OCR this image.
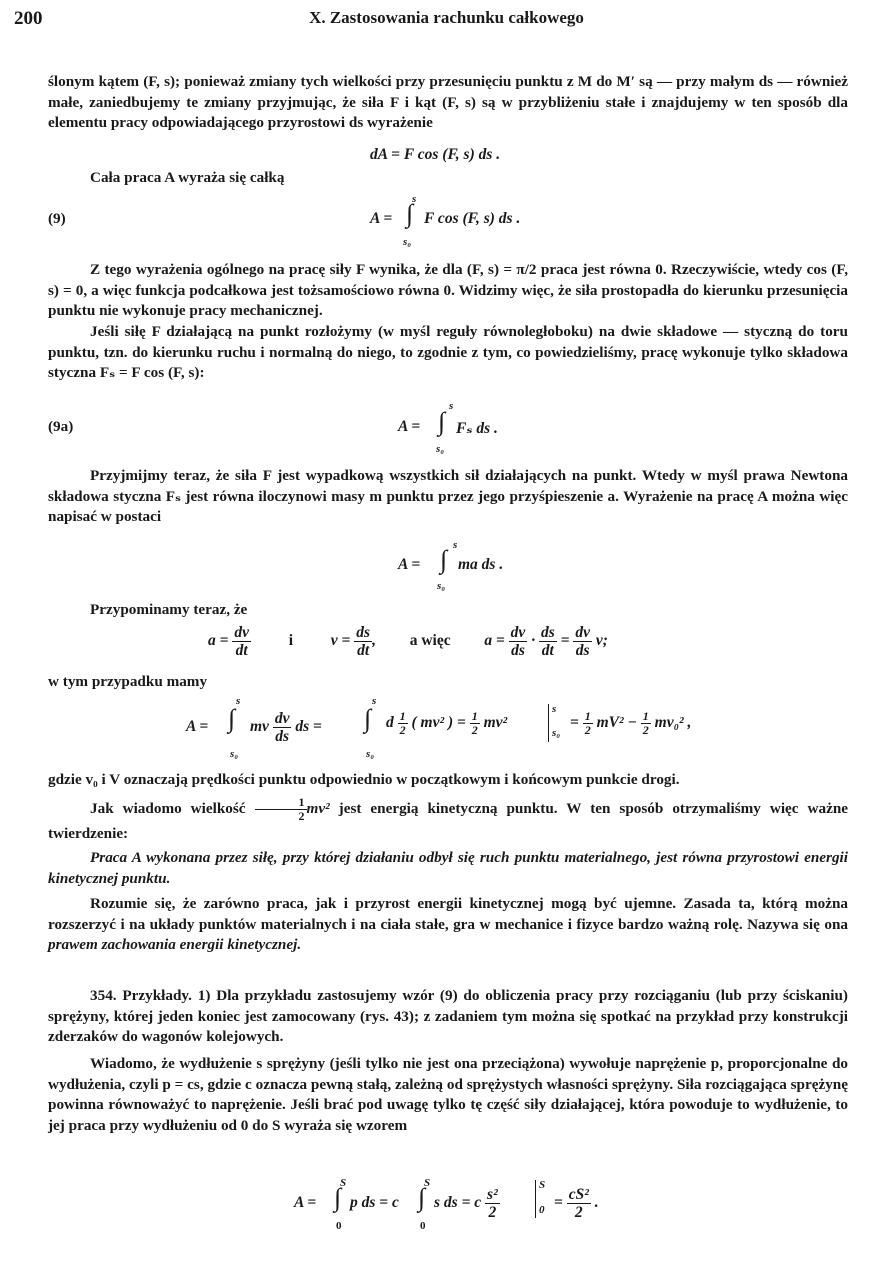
200	X. Zastosowania rachunku całkowego

ślonym kątem (F, s); ponieważ zmiany tych wielkości przy przesunięciu punktu z M do M′ są — przy małym ds — również małe, zaniedbujemy te zmiany przyjmując, że siła F i kąt (F, s) są w przybliżeniu stałe i znajdujemy w ten sposób dla elementu pracy odpowiadającego przyrostowi ds wyrażenie

dA = F cos (F, s) ds .

Cała praca A wyraża się całką

(9)
s
A = ∫ F cos (F, s) ds .
s₀

Z tego wyrażenia ogólnego na pracę siły F wynika, że dla (F, s) = π/2 praca jest równa 0. Rzeczywiście, wtedy cos (F, s) = 0, a więc funkcja podcałkowa jest tożsamościowo równa 0. Widzimy więc, że siła prostopadła do kierunku przesunięcia punktu nie wykonuje pracy mechanicznej.

Jeśli siłę F działającą na punkt rozłożymy (w myśl reguły równoległoboku) na dwie składowe — styczną do toru punktu, tzn. do kierunku ruchu i normalną do niego, to zgodnie z tym, co powiedzieliśmy, pracę wykonuje tylko składowa styczna Fₛ = F cos (F, s):

(9a)
s
A = ∫ Fₛ ds .
s₀

Przyjmijmy teraz, że siła F jest wypadkową wszystkich sił działających na punkt. Wtedy w myśl prawa Newtona składowa styczna Fₛ jest równa iloczynowi masy m punktu przez jego przyśpieszenie a. Wyrażenie na pracę A można więc napisać w postaci

s
A = ∫ ma ds .
s₀

Przypominamy teraz, że

$a = \frac{dv}{dt}$ i $v = \frac{ds}{dt}$ , a więc $a = \frac{dv}{ds} \cdot \frac{ds}{dt} = \frac{dv}{ds} v$;

w tym przypadku mamy

s	s
A = ∫ mv $\frac{dv}{ds}$ ds = ∫ d $\frac{1}{2}$ ( mv² ) = $\frac{1}{2} mv^2$
s
s₀
= $\frac{1}{2} mV^2 - \frac{1}{2} mv_0^2$ ,
s₀	s₀

gdzie v₀ i V oznaczają prędkości punktu odpowiednio w początkowym i końcowym punkcie drogi.

Jak wiadomo wielkość $\frac{1}{2} mv^2$ jest energią kinetyczną punktu. W ten sposób otrzymaliśmy więc ważne twierdzenie:

Praca A wykonana przez siłę, przy której działaniu odbył się ruch punktu materialnego, jest równa przyrostowi energii kinetycznej punktu.

Rozumie się, że zarówno praca, jak i przyrost energii kinetycznej mogą być ujemne. Zasada ta, którą można rozszerzyć i na układy punktów materialnych i na ciała stałe, gra w mechanice i fizyce bardzo ważną rolę. Nazywa się ona prawem zachowania energii kinetycznej.
354. Przykłady. 1) Dla przykładu zastosujemy wzór (9) do obliczenia pracy przy rozciąganiu (lub przy ściskaniu) sprężyny, której jeden koniec jest zamocowany (rys. 43); z zadaniem tym można się spotkać na przykład przy konstrukcji zderzaków do wagonów kolejowych.

Wiadomo, że wydłużenie s sprężyny (jeśli tylko nie jest ona przeciążona) wywołuje naprężenie p, proporcjonalne do wydłużenia, czyli p = cs, gdzie c oznacza pewną stałą, zależną od sprężystych własności sprężyny. Siła rozciągająca sprężynę powinna równoważyć to naprężenie. Jeśli brać pod uwagę tylko tę część siły działającej, która powoduje to wydłużenie, to jej praca przy wydłużeniu od 0 do S wyraża się wzorem

S	S
A = ∫ p ds = c ∫ s ds = c $\frac{\text{s²}}{2}$
S
$0 = \frac{\text{cS²}}{2}$ .
0	0
